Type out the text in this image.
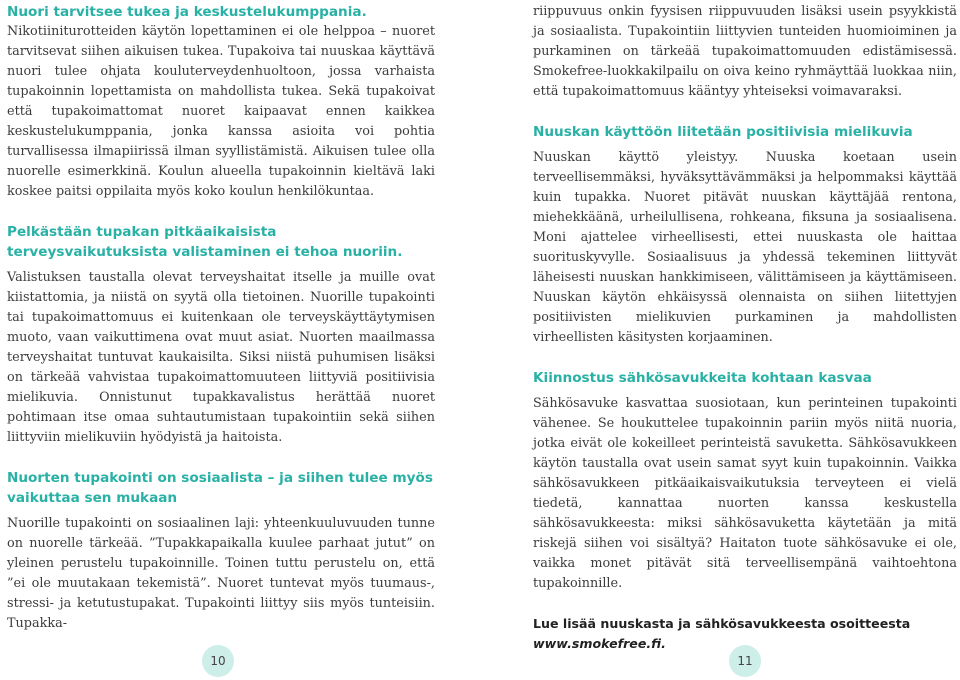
Nuori tarvitsee tukea ja keskustelukumppania.

Nikotiiniturotteiden käytön lopettaminen ei ole helppoa – nuoret tarvitsevat siihen aikuisen tukea. Tupakoiva tai nuuskaa käyttävä nuori tulee ohjata kouluterveydenhuoltoon, jossa varhaista tupakoinnin lopettamista on mahdollista tukea. Sekä tupakoivat että tupakoimattomat nuoret kaipaavat ennen kaikkea keskustelukumppania, jonka kanssa asioita voi pohtia turvallisessa ilmapiirissä ilman syyllistämistä. Aikuisen tulee olla nuorelle esimerkkinä. Koulun alueella tupakoinnin kieltävä laki koskee paitsi oppilaita myös koko koulun henkilökuntaa.

Pelkästään tupakan pitkäaikaisista terveysvaikutuksista valistaminen ei tehoa nuoriin.

Valistuksen taustalla olevat terveyshaitat itselle ja muille ovat kiistattomia, ja niistä on syytä olla tietoinen. Nuorille tupakointi tai tupakoimattomuus ei kuitenkaan ole terveyskäyttäytymisen muoto, vaan vaikuttimena ovat muut asiat. Nuorten maailmassa terveyshaitat tuntuvat kaukaisilta. Siksi niistä puhumisen lisäksi on tärkeää vahvistaa tupakoimattomuuteen liittyviä positiivisia mielikuvia. Onnistunut tupakkavalistus herättää nuoret pohtimaan itse omaa suhtautumistaan tupakointiin sekä siihen liittyviin mielikuviin hyödyistä ja haitoista.

Nuorten tupakointi on sosiaalista – ja siihen tulee myös vaikuttaa sen mukaan

Nuorille tupakointi on sosiaalinen laji: yhteenkuuluvuuden tunne on nuorelle tärkeää. ”Tupakkapaikalla kuulee parhaat jutut” on yleinen perustelu tupakoinnille. Toinen tuttu perustelu on, että ”ei ole muutakaan tekemistä”. Nuoret tuntevat myös tuumaus-, stressi- ja ketutustupakat. Tupakointi liittyy siis myös tunteisiin. Tupakka-

riippuvuus onkin fyysisen riippuvuuden lisäksi usein psyykkistä ja sosiaalista. Tupakointiin liittyvien tunteiden huomioiminen ja purkaminen on tärkeää tupakoimattomuuden edistämisessä. Smokefree-luokkakilpailu on oiva keino ryhmäyttää luokkaa niin, että tupakoimattomuus kääntyy yhteiseksi voimavaraksi.

Nuuskan käyttöön liitetään positiivisia mielikuvia

Nuuskan käyttö yleistyy. Nuuska koetaan usein terveellisemmäksi, hyväksyttävämmäksi ja helpommaksi käyttää kuin tupakka. Nuoret pitävät nuuskan käyttäjää rentona, miehekkäänä, urheilullisena, rohkeana, fiksuna ja sosiaalisena. Moni ajattelee virheellisesti, ettei nuuskasta ole haittaa suorituskyvylle. Sosiaalisuus ja yhdessä tekeminen liittyvät läheisesti nuuskan hankkimiseen, välittämiseen ja käyttämiseen. Nuuskan käytön ehkäisyssä olennaista on siihen liitettyjen positiivisten mielikuvien purkaminen ja mahdollisten virheellisten käsitysten korjaaminen.

Kiinnostus sähkösavukkeita kohtaan kasvaa

Sähkösavuke kasvattaa suosiotaan, kun perinteinen tupakointi vähenee. Se houkuttelee tupakoinnin pariin myös niitä nuoria, jotka eivät ole kokeilleet perinteistä savuketta. Sähkösavukkeen käytön taustalla ovat usein samat syyt kuin tupakoinnin. Vaikka sähkösavukkeen pitkäaikaisvaikutuksia terveyteen ei vielä tiedetä, kannattaa nuorten kanssa keskustella sähkösavukkeesta: miksi sähkösavuketta käytetään ja mitä riskejä siihen voi sisältyä? Haitaton tuote sähkösavuke ei ole, vaikka monet pitävät sitä terveellisempänä vaihtoehtona tupakoinnille.

Lue lisää nuuskasta ja sähkösavukkeesta osoitteesta

www.smokefree.fi.

10	11
